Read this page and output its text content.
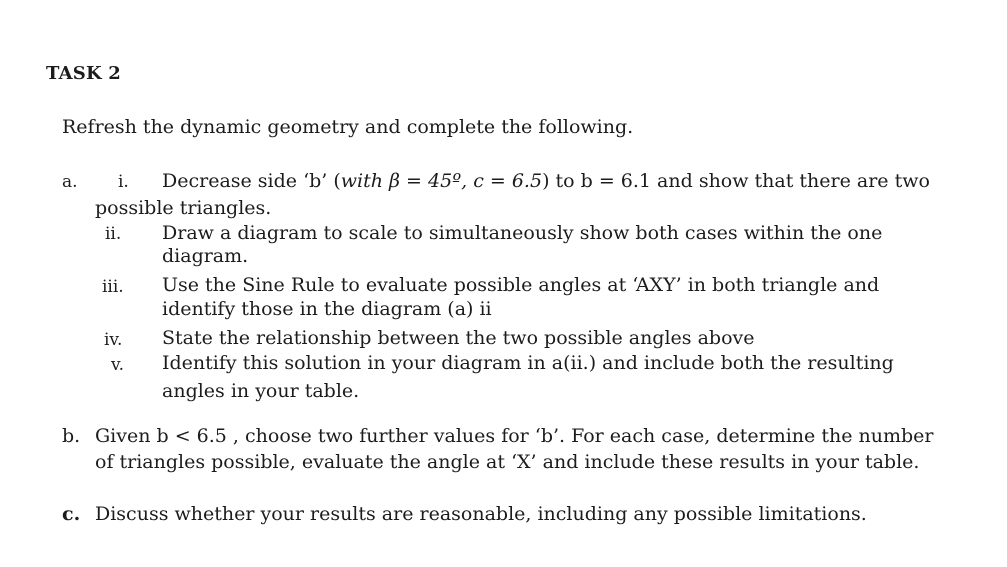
TASK 2
Refresh the dynamic geometry and complete the following.
a. i. Decrease side ‘b’ (with β = 45º, c = 6.5) to b = 6.1 and show that there are two
possible triangles.
ii. Draw a diagram to scale to simultaneously show both cases within the one
diagram.
iii. Use the Sine Rule to evaluate possible angles at ‘AXY’ in both triangle and
identify those in the diagram (a) ii
iv. State the relationship between the two possible angles above
v. Identify this solution in your diagram in a(ii.) and include both the resulting
angles in your table.
b. Given b < 6.5 , choose two further values for ‘b’. For each case, determine the number
of triangles possible, evaluate the angle at ‘X’ and include these results in your table.
c. Discuss whether your results are reasonable, including any possible limitations.
